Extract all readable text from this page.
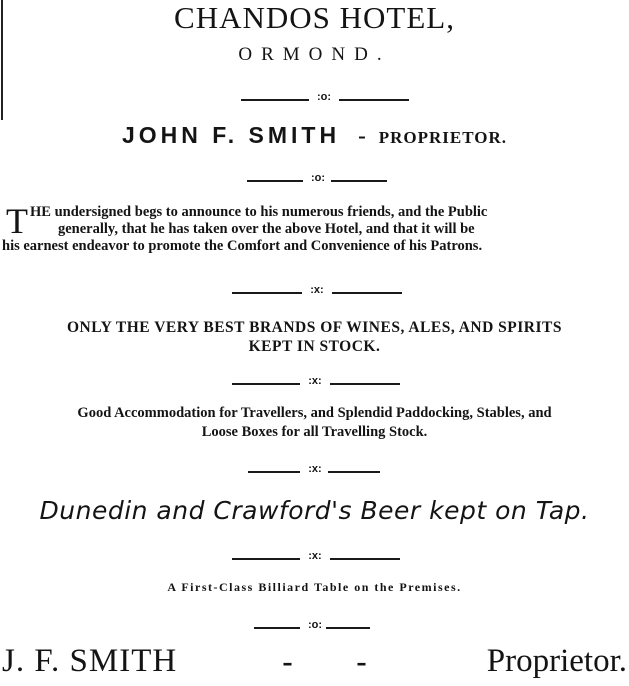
CHANDOS HOTEL,
ORMOND.
:o:
JOHN F. SMITH - PROPRIETOR.
:o:
T HE undersigned begs to announce to his numerous friends, and the Public
generally, that he has taken over the above Hotel, and that it will be
his earnest endeavor to promote the Comfort and Convenience of his Patrons.
:x:
ONLY THE VERY BEST BRANDS OF WINES, ALES, AND SPIRITS
KEPT IN STOCK.
:x:
Good Accommodation for Travellers, and Splendid Paddocking, Stables, and
Loose Boxes for all Travelling Stock.
:x:
Dunedin and Crawford's Beer kept on Tap.
:x:
A First-Class Billiard Table on the Premises.
:o:
J. F. SMITH	- -	Proprietor.
